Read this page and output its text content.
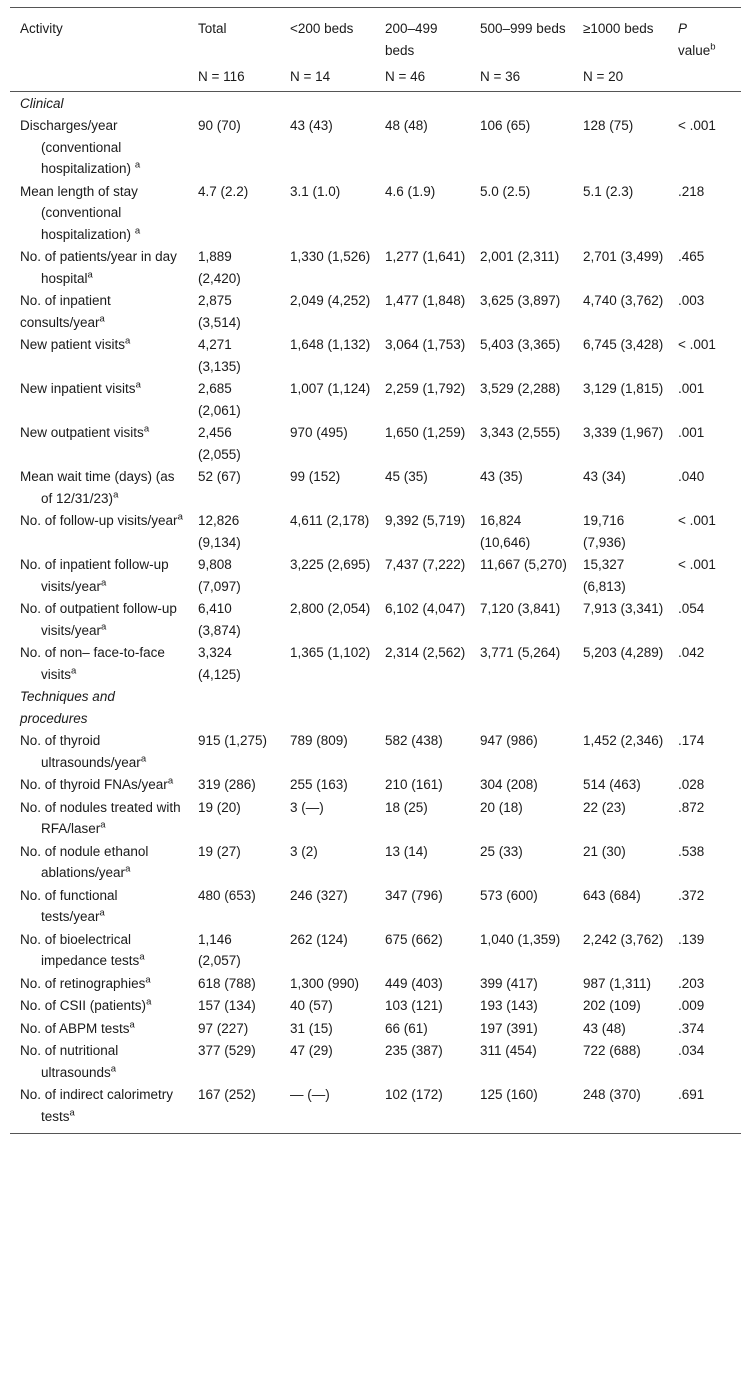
Activity	Total	<200 beds	200–499 beds	500–999 beds	≥1000 beds	P
value$^b$
	N = 116	N = 14	N = 46	N = 36	N = 20	
Clinical						
Discharges/year (conventional hospitalization) $^a$	90 (70)	43 (43)	48 (48)	106 (65)	128 (75)	< .001
Mean length of stay (conventional hospitalization) $^a$	4.7 (2.2)	3.1 (1.0)	4.6 (1.9)	5.0 (2.5)	5.1 (2.3)	.218
No. of patients/year in day hospital$^a$	1,889 (2,420)	1,330 (1,526)	1,277 (1,641)	2,001 (2,311)	2,701 (3,499)	.465
No. of inpatient consults/year$^a$	2,875 (3,514)	2,049 (4,252)	1,477 (1,848)	3,625 (3,897)	4,740 (3,762)	.003
New patient visits$^a$	4,271 (3,135)	1,648 (1,132)	3,064 (1,753)	5,403 (3,365)	6,745 (3,428)	< .001
New inpatient visits$^a$	2,685 (2,061)	1,007 (1,124)	2,259 (1,792)	3,529 (2,288)	3,129 (1,815)	.001
New outpatient visits$^a$	2,456 (2,055)	970 (495)	1,650 (1,259)	3,343 (2,555)	3,339 (1,967)	.001
Mean wait time (days) (as of 12/31/23)$^a$	52 (67)	99 (152)	45 (35)	43 (35)	43 (34)	.040
No. of follow-up visits/year$^a$	12,826 (9,134)	4,611 (2,178)	9,392 (5,719)	16,824 (10,646)	19,716 (7,936)	< .001
No. of inpatient follow-up visits/year$^a$	9,808 (7,097)	3,225 (2,695)	7,437 (7,222)	11,667 (5,270)	15,327 (6,813)	< .001
No. of outpatient follow-up visits/year$^a$	6,410 (3,874)	2,800 (2,054)	6,102 (4,047)	7,120 (3,841)	7,913 (3,341)	.054
No. of non– face-to-face visits$^a$	3,324 (4,125)	1,365 (1,102)	2,314 (2,562)	3,771 (5,264)	5,203 (4,289)	.042
Techniques and procedures						
No. of thyroid ultrasounds/year$^a$	915 (1,275)	789 (809)	582 (438)	947 (986)	1,452 (2,346)	.174
No. of thyroid FNAs/year$^a$	319 (286)	255 (163)	210 (161)	304 (208)	514 (463)	.028
No. of nodules treated with RFA/laser$^a$	19 (20)	3 (—)	18 (25)	20 (18)	22 (23)	.872
No. of nodule ethanol ablations/year$^a$	19 (27)	3 (2)	13 (14)	25 (33)	21 (30)	.538
No. of functional tests/year$^a$	480 (653)	246 (327)	347 (796)	573 (600)	643 (684)	.372
No. of bioelectrical impedance tests$^a$	1,146 (2,057)	262 (124)	675 (662)	1,040 (1,359)	2,242 (3,762)	.139
No. of retinographies$^a$	618 (788)	1,300 (990)	449 (403)	399 (417)	987 (1,311)	.203
No. of CSII (patients)$^a$	157 (134)	40 (57)	103 (121)	193 (143)	202 (109)	.009
No. of ABPM tests$^a$	97 (227)	31 (15)	66 (61)	197 (391)	43 (48)	.374
No. of nutritional ultrasounds$^a$	377 (529)	47 (29)	235 (387)	311 (454)	722 (688)	.034
No. of indirect calorimetry tests$^a$	167 (252)	— (—)	102 (172)	125 (160)	248 (370)	.691
